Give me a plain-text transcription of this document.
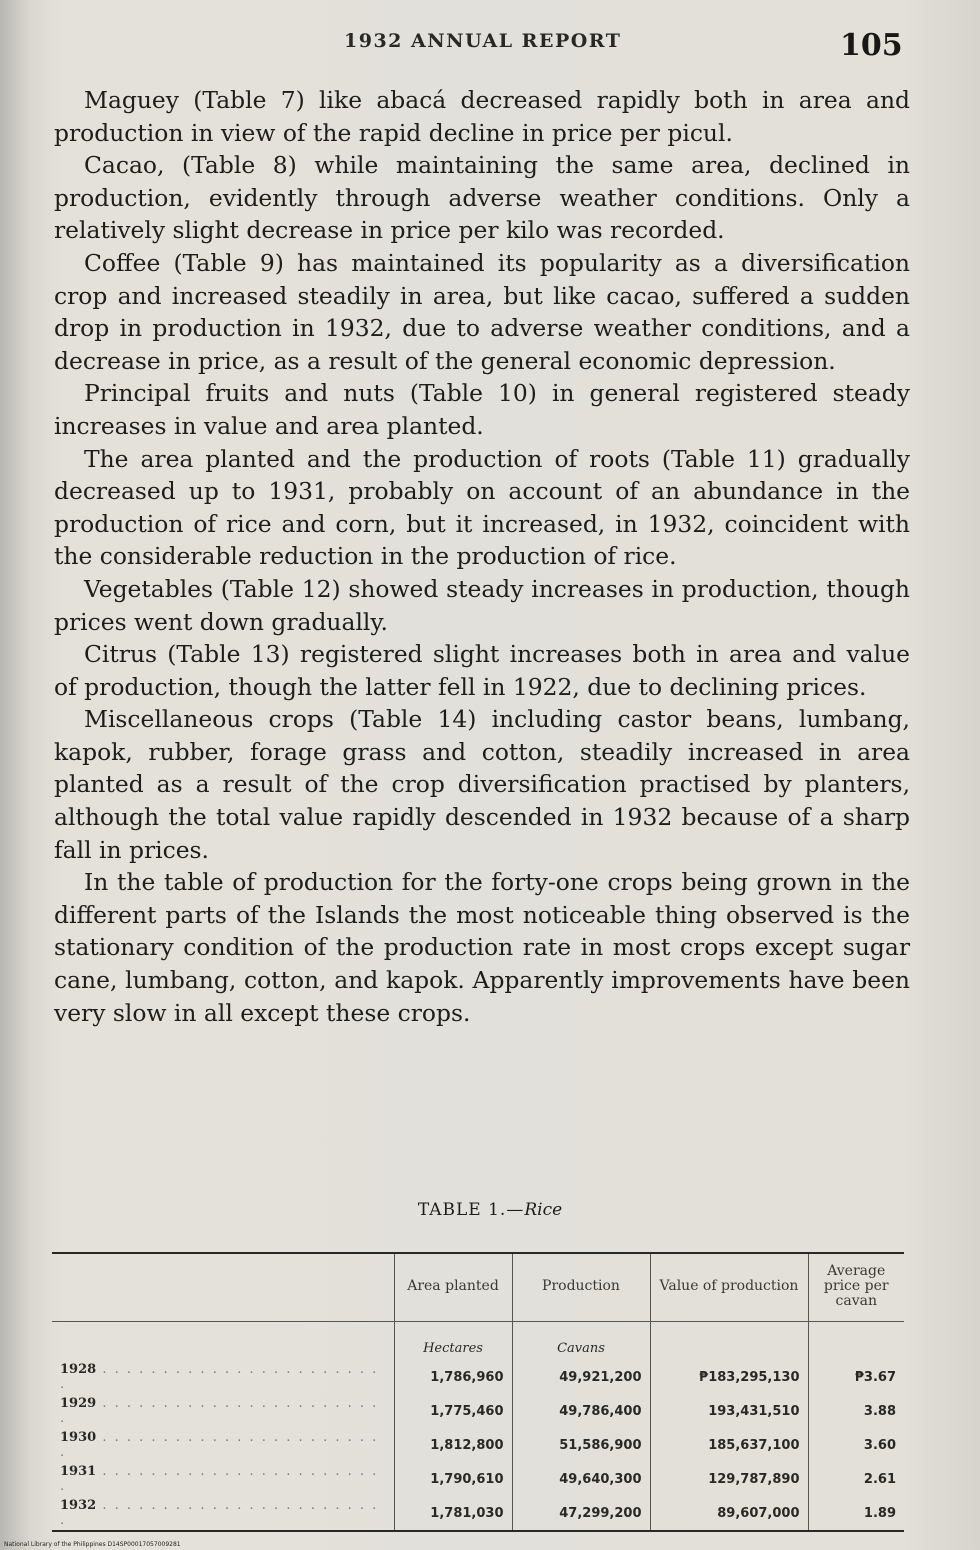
1932 ANNUAL REPORT	105

Maguey (Table 7) like abacá decreased rapidly both in area and production in view of the rapid decline in price per picul.

Cacao, (Table 8) while maintaining the same area, declined in production, evidently through adverse weather conditions. Only a relatively slight decrease in price per kilo was recorded.

Coffee (Table 9) has maintained its popularity as a diversification crop and increased steadily in area, but like cacao, suffered a sudden drop in production in 1932, due to adverse weather conditions, and a decrease in price, as a result of the general economic depression.

Principal fruits and nuts (Table 10) in general registered steady increases in value and area planted.

The area planted and the production of roots (Table 11) gradually decreased up to 1931, probably on account of an abundance in the production of rice and corn, but it increased, in 1932, coincident with the considerable reduction in the production of rice.

Vegetables (Table 12) showed steady increases in production, though prices went down gradually.

Citrus (Table 13) registered slight increases both in area and value of production, though the latter fell in 1922, due to declining prices.

Miscellaneous crops (Table 14) including castor beans, lumbang, kapok, rubber, forage grass and cotton, steadily increased in area planted as a result of the crop diversification practised by planters, although the total value rapidly descended in 1932 because of a sharp fall in prices.

In the table of production for the forty-one crops being grown in the different parts of the Islands the most noticeable thing observed is the stationary condition of the production rate in most crops except sugar cane, lumbang, cotton, and kapok. Apparently improvements have been very slow in all except these crops.

TABLE 1.—Rice
	Area planted	Production	Value of production	Average price per cavan
	Hectares	Cavans		
1928 . . . . . . . . . . . . . . . . . . . . . . . .	1,786,960	49,921,200	₱183,295,130	₱3.67
1929 . . . . . . . . . . . . . . . . . . . . . . . .	1,775,460	49,786,400	193,431,510	3.88
1930 . . . . . . . . . . . . . . . . . . . . . . . .	1,812,800	51,586,900	185,637,100	3.60
1931 . . . . . . . . . . . . . . . . . . . . . . . .	1,790,610	49,640,300	129,787,890	2.61
1932 . . . . . . . . . . . . . . . . . . . . . . . .	1,781,030	47,299,200	89,607,000	1.89
National Library of the Philippines D14SP00017057009281
